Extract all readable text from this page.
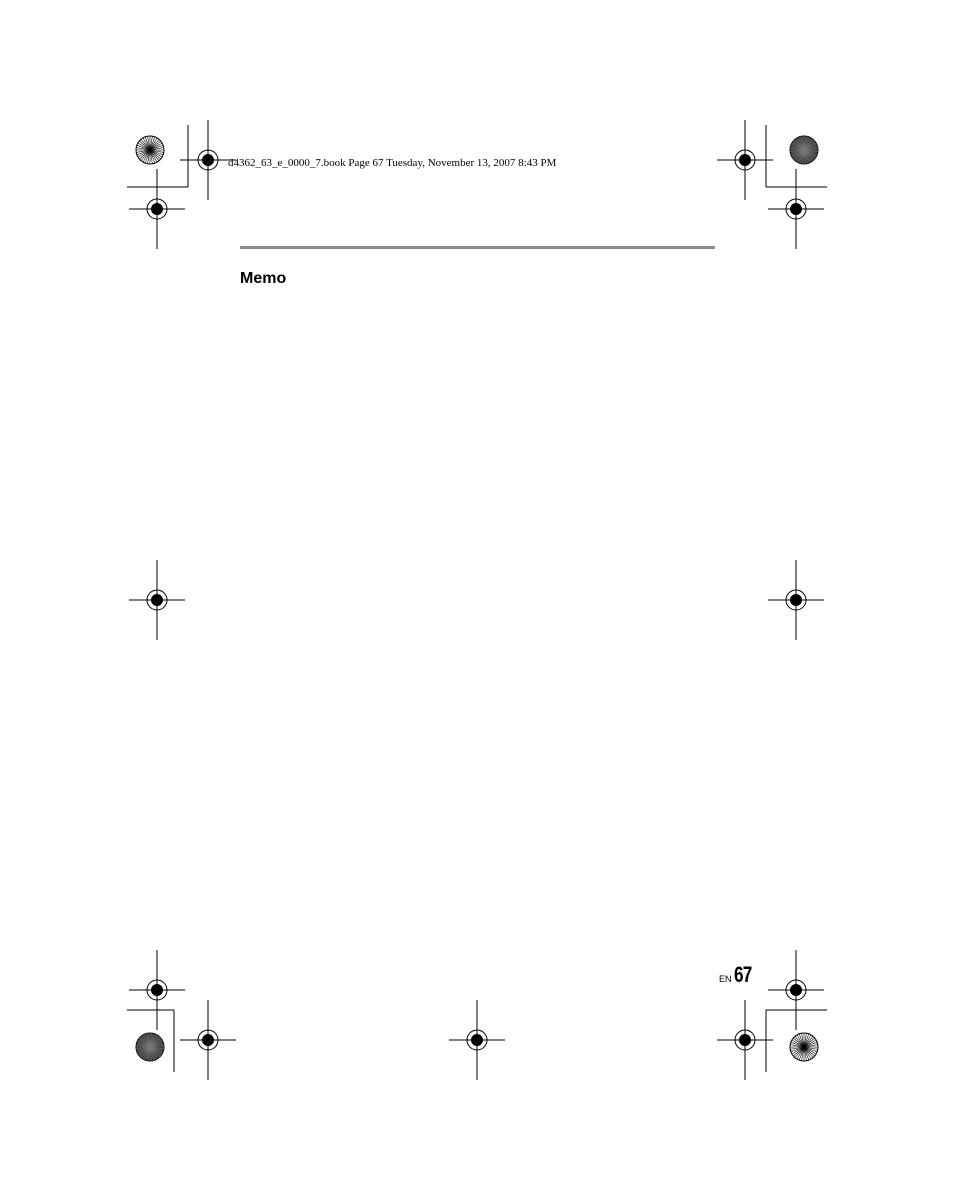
d4362_63_e_0000_7.book Page 67 Tuesday, November 13, 2007 8:43 PM
Memo
EN67
